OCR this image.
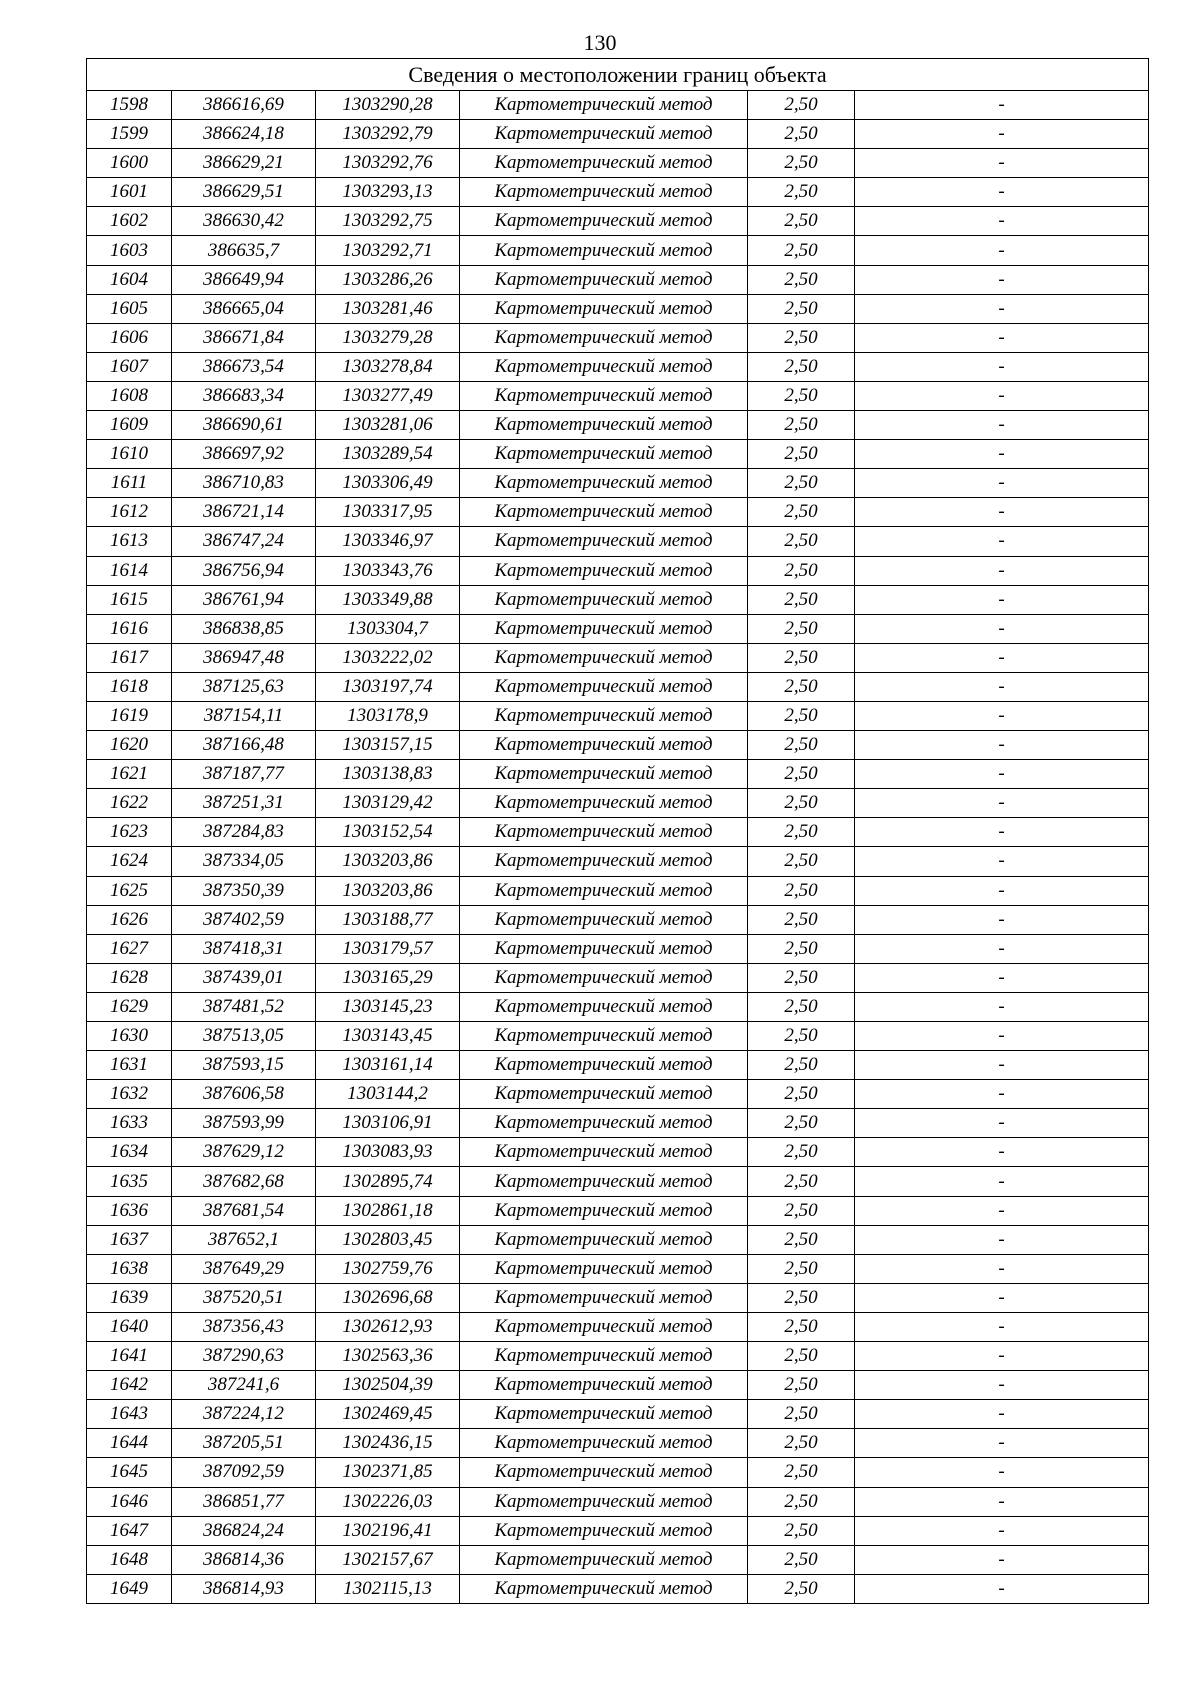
130
Сведения о местоположении границ объекта					
1598	386616,69	1303290,28	Картометрический метод	2,50	-
1599	386624,18	1303292,79	Картометрический метод	2,50	-
1600	386629,21	1303292,76	Картометрический метод	2,50	-
1601	386629,51	1303293,13	Картометрический метод	2,50	-
1602	386630,42	1303292,75	Картометрический метод	2,50	-
1603	386635,7	1303292,71	Картометрический метод	2,50	-
1604	386649,94	1303286,26	Картометрический метод	2,50	-
1605	386665,04	1303281,46	Картометрический метод	2,50	-
1606	386671,84	1303279,28	Картометрический метод	2,50	-
1607	386673,54	1303278,84	Картометрический метод	2,50	-
1608	386683,34	1303277,49	Картометрический метод	2,50	-
1609	386690,61	1303281,06	Картометрический метод	2,50	-
1610	386697,92	1303289,54	Картометрический метод	2,50	-
1611	386710,83	1303306,49	Картометрический метод	2,50	-
1612	386721,14	1303317,95	Картометрический метод	2,50	-
1613	386747,24	1303346,97	Картометрический метод	2,50	-
1614	386756,94	1303343,76	Картометрический метод	2,50	-
1615	386761,94	1303349,88	Картометрический метод	2,50	-
1616	386838,85	1303304,7	Картометрический метод	2,50	-
1617	386947,48	1303222,02	Картометрический метод	2,50	-
1618	387125,63	1303197,74	Картометрический метод	2,50	-
1619	387154,11	1303178,9	Картометрический метод	2,50	-
1620	387166,48	1303157,15	Картометрический метод	2,50	-
1621	387187,77	1303138,83	Картометрический метод	2,50	-
1622	387251,31	1303129,42	Картометрический метод	2,50	-
1623	387284,83	1303152,54	Картометрический метод	2,50	-
1624	387334,05	1303203,86	Картометрический метод	2,50	-
1625	387350,39	1303203,86	Картометрический метод	2,50	-
1626	387402,59	1303188,77	Картометрический метод	2,50	-
1627	387418,31	1303179,57	Картометрический метод	2,50	-
1628	387439,01	1303165,29	Картометрический метод	2,50	-
1629	387481,52	1303145,23	Картометрический метод	2,50	-
1630	387513,05	1303143,45	Картометрический метод	2,50	-
1631	387593,15	1303161,14	Картометрический метод	2,50	-
1632	387606,58	1303144,2	Картометрический метод	2,50	-
1633	387593,99	1303106,91	Картометрический метод	2,50	-
1634	387629,12	1303083,93	Картометрический метод	2,50	-
1635	387682,68	1302895,74	Картометрический метод	2,50	-
1636	387681,54	1302861,18	Картометрический метод	2,50	-
1637	387652,1	1302803,45	Картометрический метод	2,50	-
1638	387649,29	1302759,76	Картометрический метод	2,50	-
1639	387520,51	1302696,68	Картометрический метод	2,50	-
1640	387356,43	1302612,93	Картометрический метод	2,50	-
1641	387290,63	1302563,36	Картометрический метод	2,50	-
1642	387241,6	1302504,39	Картометрический метод	2,50	-
1643	387224,12	1302469,45	Картометрический метод	2,50	-
1644	387205,51	1302436,15	Картометрический метод	2,50	-
1645	387092,59	1302371,85	Картометрический метод	2,50	-
1646	386851,77	1302226,03	Картометрический метод	2,50	-
1647	386824,24	1302196,41	Картометрический метод	2,50	-
1648	386814,36	1302157,67	Картометрический метод	2,50	-
1649	386814,93	1302115,13	Картометрический метод	2,50	-
